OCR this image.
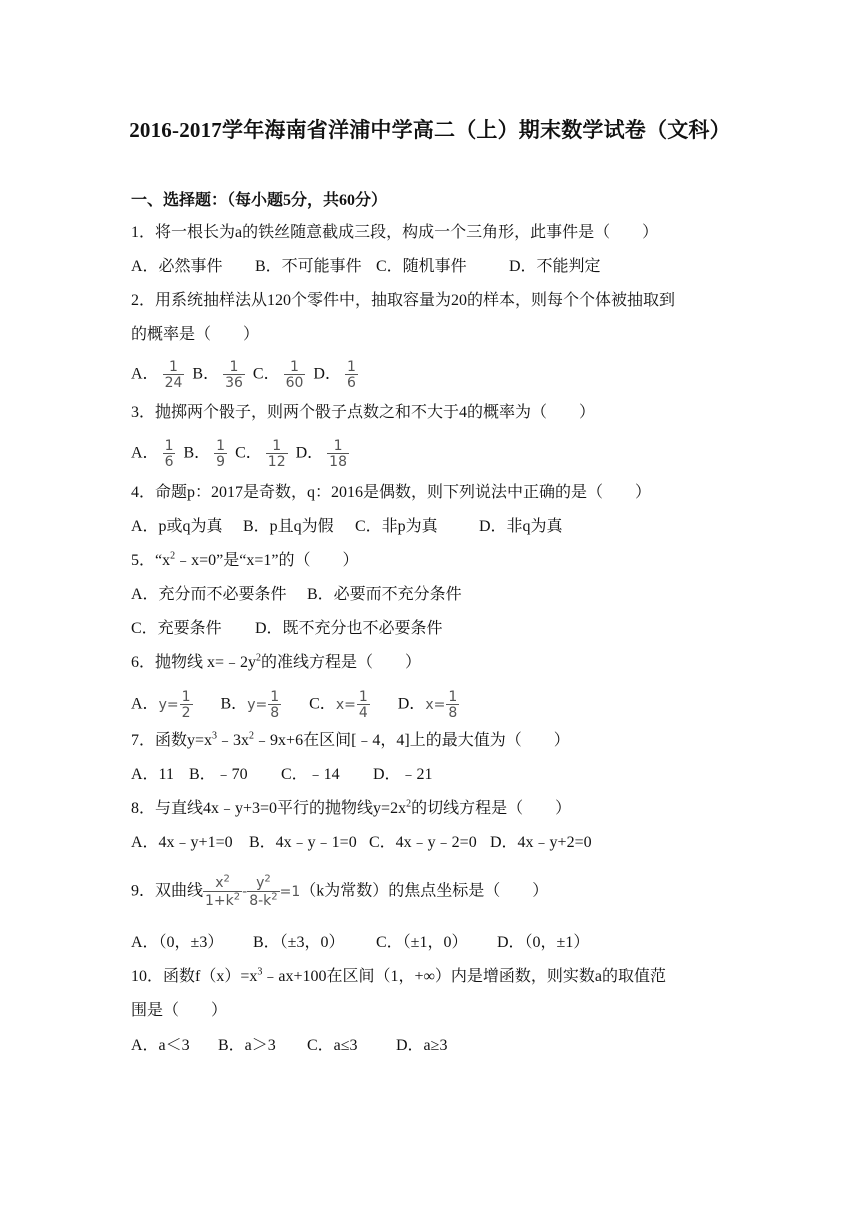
2016-2017学年海南省洋浦中学高二（上）期末数学试卷（文科）
一、选择题：（每小题5分，共60分）
1．将一根长为a的铁丝随意截成三段，构成一个三角形，此事件是（　　）
A．必然事件 B．不可能事件 C．随机事件	D．不能判定
2．用系统抽样法从120个零件中，抽取容量为20的样本，则每个个体被抽取到
的概率是（　　）
A． $\frac{1}{24}$ B． $\frac{1}{36}$ C． $\frac{1}{60}$ D． $\frac{1}{6}$
3．抛掷两个骰子，则两个骰子点数之和不大于4的概率为（　　）
A． $\frac{1}{6}$ B． $\frac{1}{9}$ C． $\frac{1}{12}$ D． $\frac{1}{18}$
4．命题p：2017是奇数，q：2016是偶数，则下列说法中正确的是（　　）
A．p或q为真 B．p且q为假 C．非p为真	D．非q为真
5．“$x^2﹣x=0$”是“x=1”的（　　）
A．充分而不必要条件 B．必要而不充分条件
C．充要条件 D．既不充分也不必要条件
6．抛物线 $x=﹣2y^2$的准线方程是（　　）
A．$y= \frac{1}{2}$ B．$y= \frac{1}{8}$ C．$x= \frac{1}{4}$ D．$x= \frac{1}{8}$
7．函数$y=x^3﹣3x^2﹣9x+6$在区间[﹣4，4]上的最大值为（　　）
A．11 B．﹣70 C．﹣14 D．﹣21
8．与直线4x﹣y+3=0平行的抛物线$y=2x^2$的切线方程是（　　）
A．4x﹣y+1=0 B．4x﹣y﹣1=0 C．4x﹣y﹣2=0 D．4x﹣y+2=0
9．双曲线 $\frac{x^2}{1+k^2} - \frac{y^2}{8-k^2} =1(k$为常数）的焦点坐标是（　　）
A．（0，±3） B．（±3，0） C．（±1，0） D．（0，±1）
10．函数$f(x)=x^3﹣ax+100$在区间（1，+∞）内是增函数，则实数a的取值范
围是（　　）
A．a＜3 B．a＞3 C．a≤3 D．a≥3
